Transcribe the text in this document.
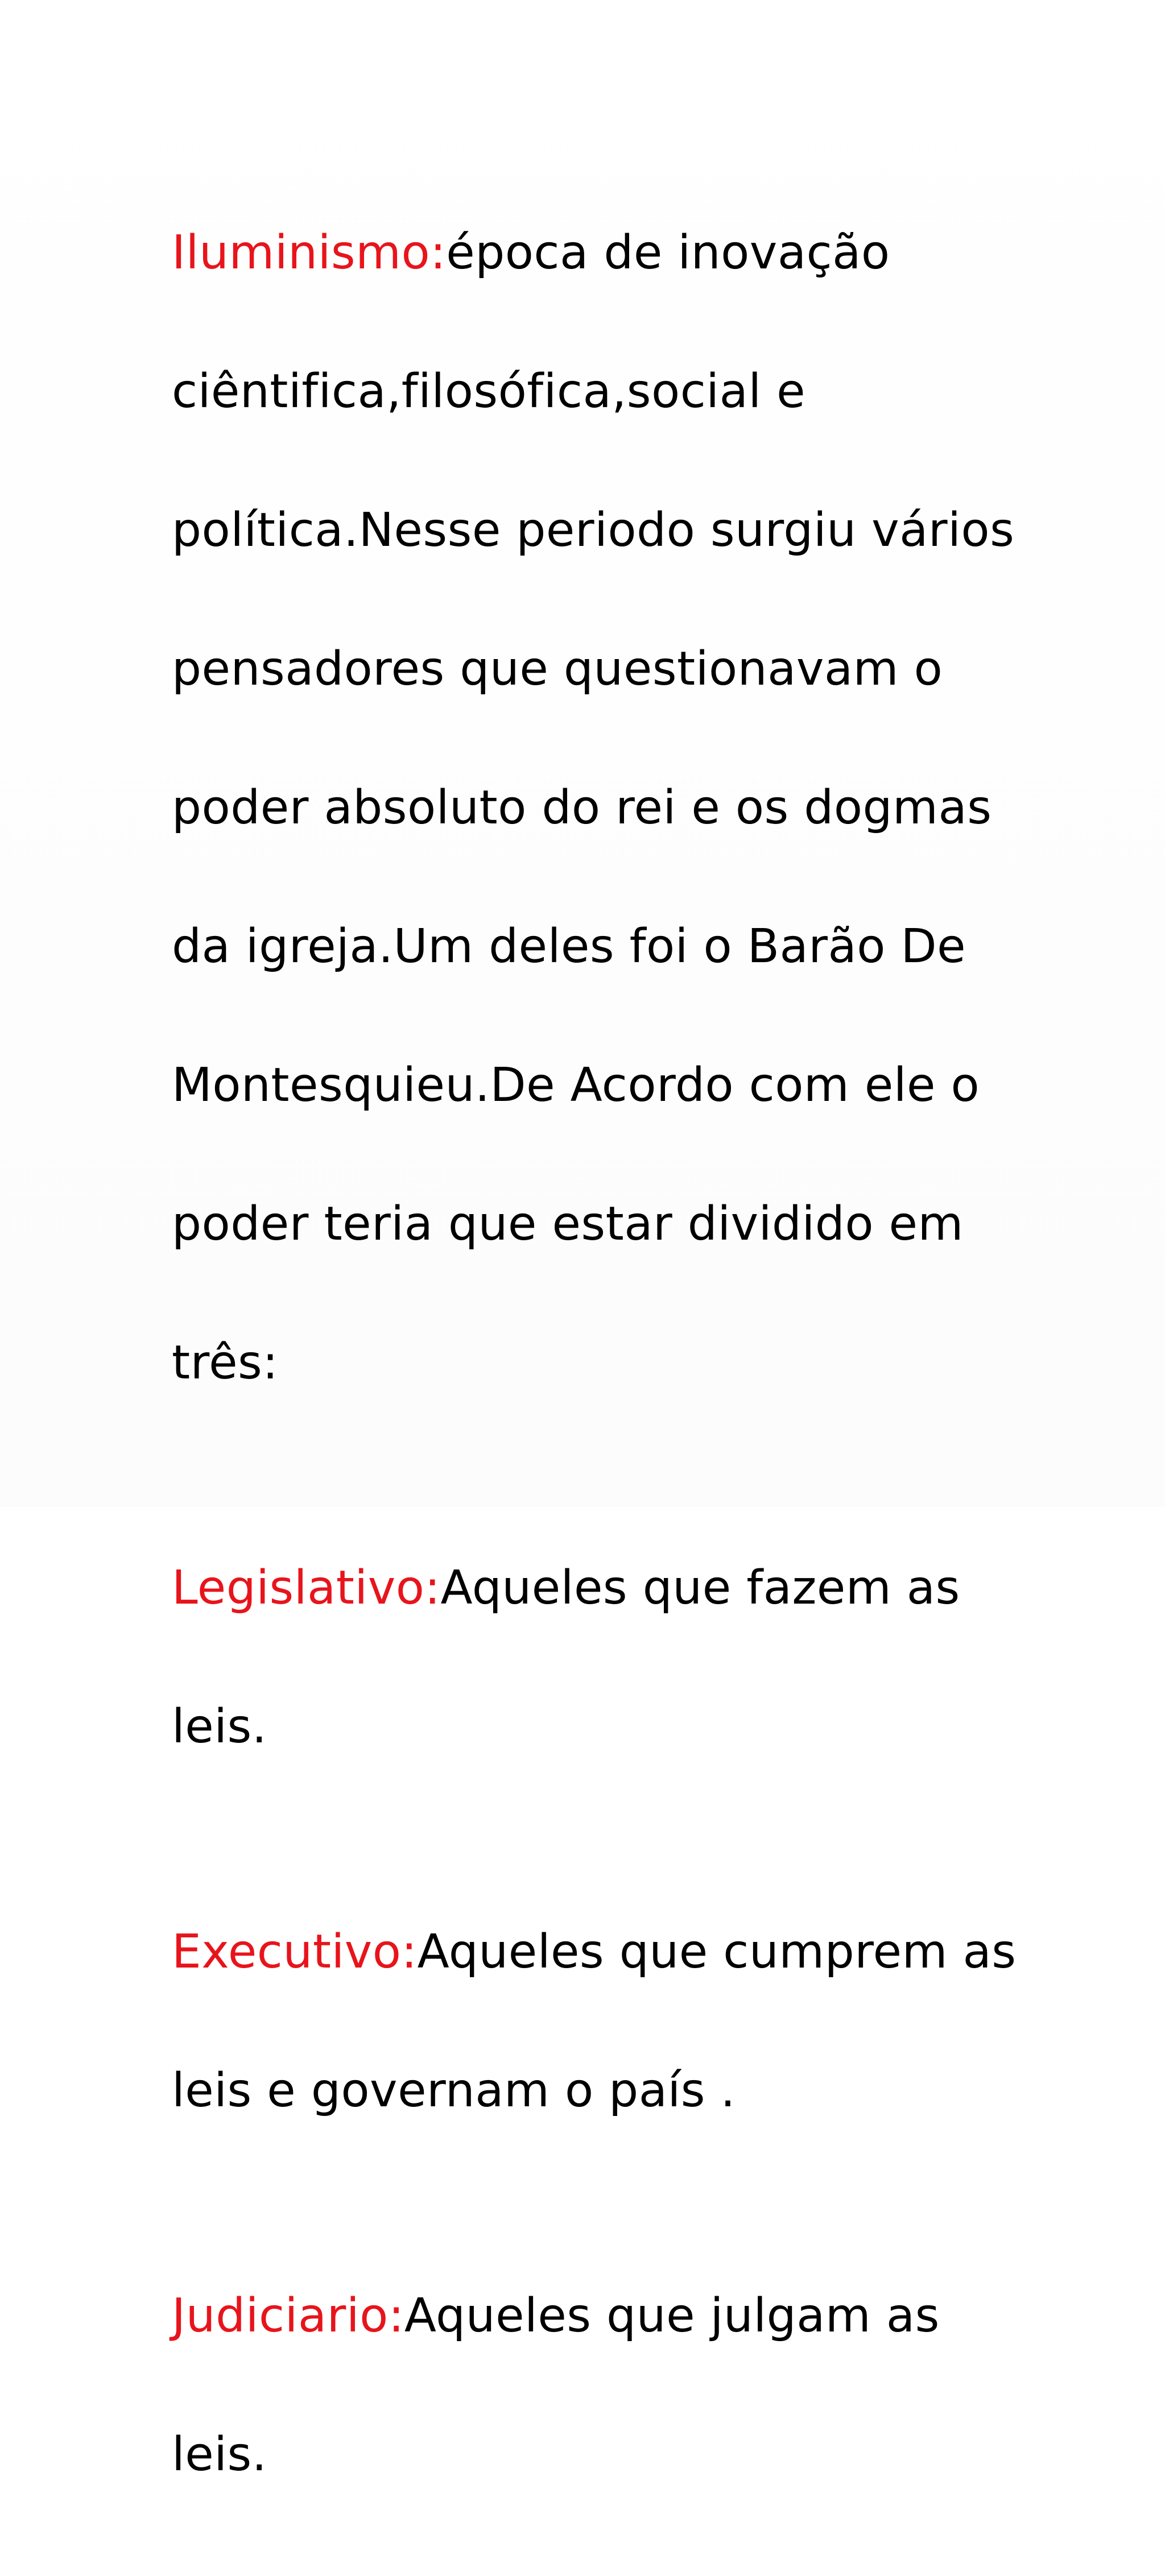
Iluminismo:época de inovação

ciêntifica,filosófica,social e

política.Nesse periodo surgiu vários

pensadores que questionavam o

poder absoluto do rei e os dogmas

da igreja.Um deles foi o Barão De

Montesquieu.De Acordo com ele o

poder teria que estar dividido em

três:

Legislativo:Aqueles que fazem as

leis.

Executivo:Aqueles que cumprem as

leis e governam o país .

Judiciario:Aqueles que julgam as

leis.
